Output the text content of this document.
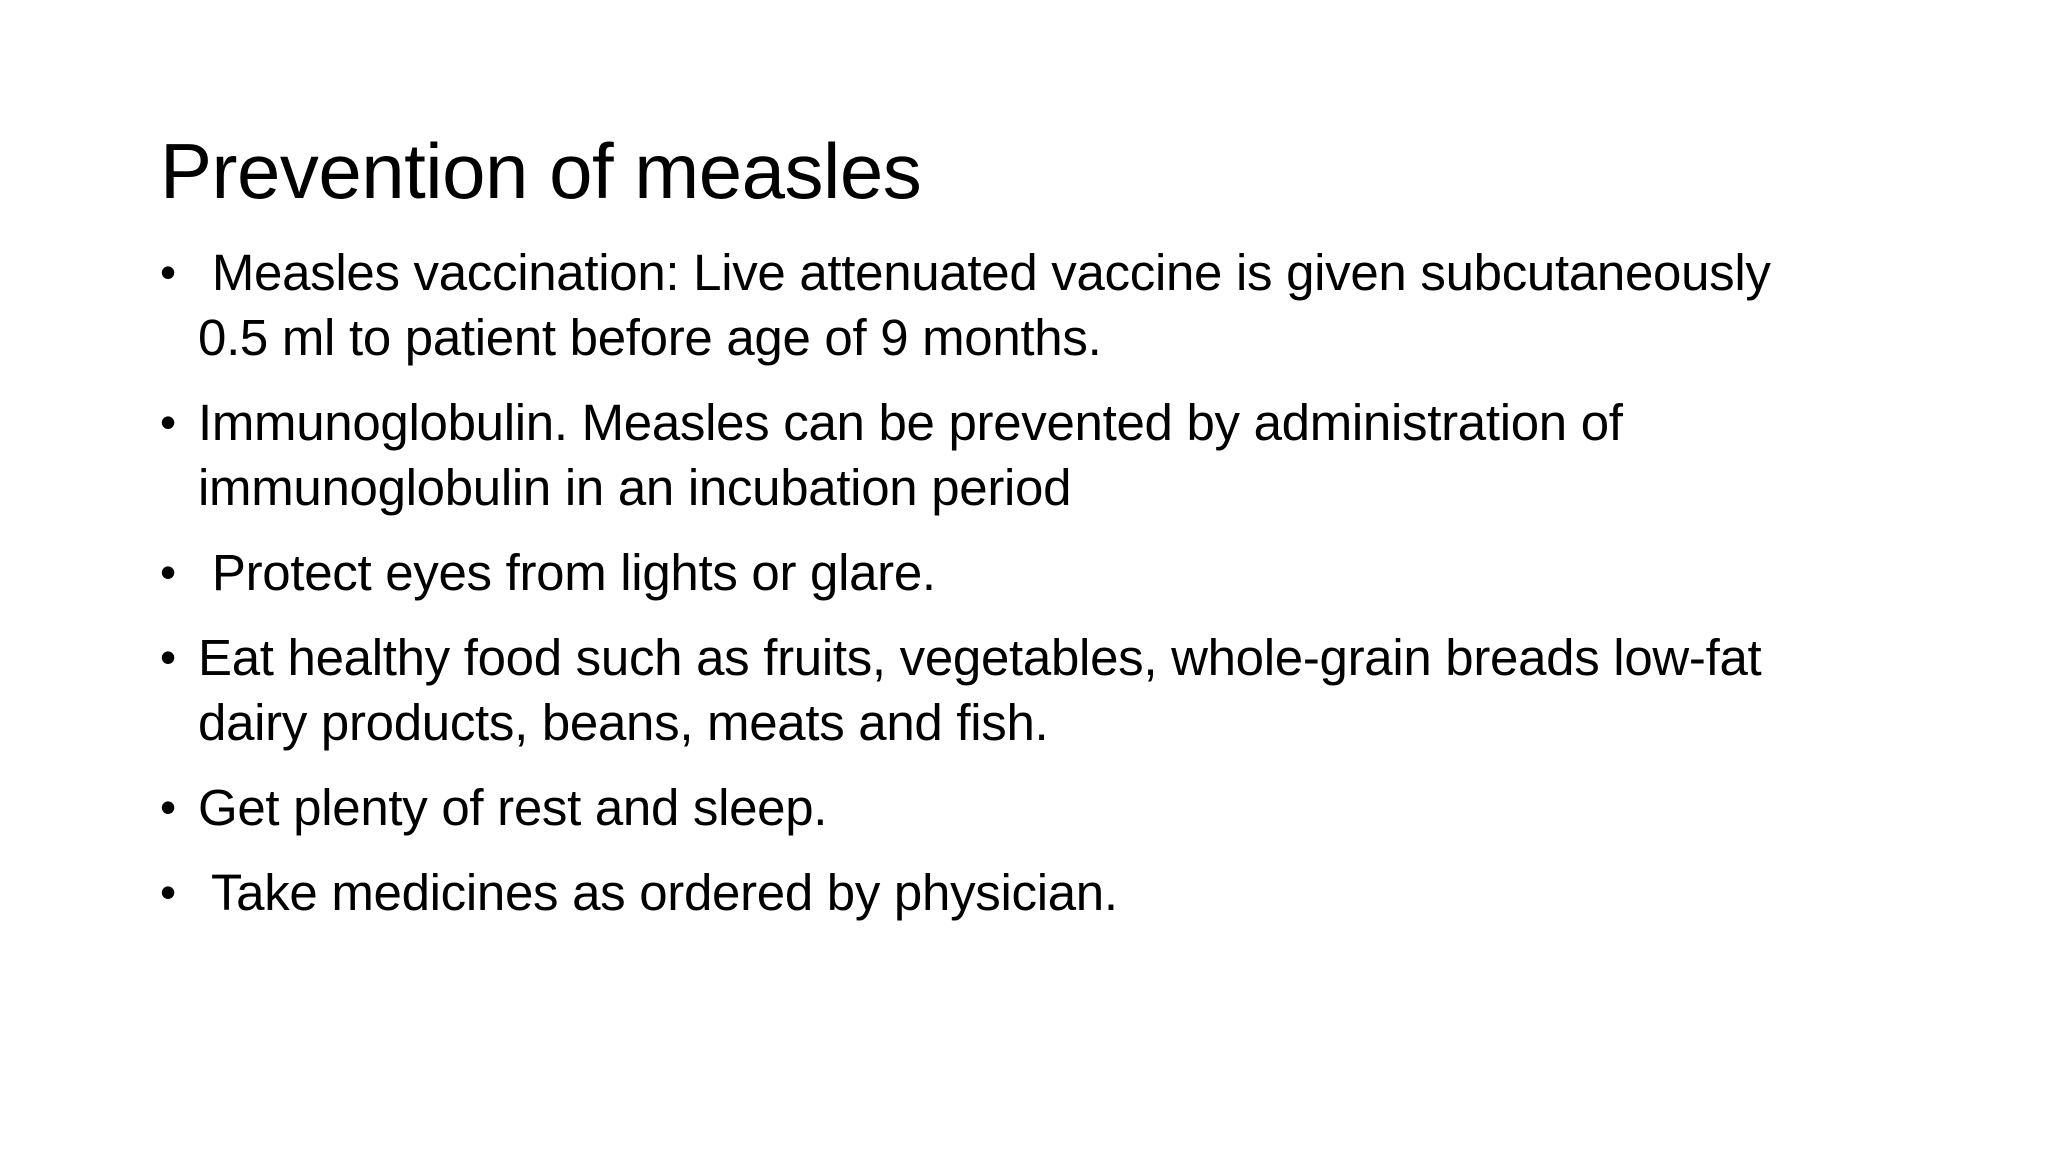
Prevention of measles
• Measles vaccination: Live attenuated vaccine is given subcutaneously
0.5 ml to patient before age of 9 months.
• Immunoglobulin. Measles can be prevented by administration of
immunoglobulin in an incubation period
• Protect eyes from lights or glare.
• Eat healthy food such as fruits, vegetables, whole-grain breads low-fat
dairy products, beans, meats and fish.
• Get plenty of rest and sleep.
• Take medicines as ordered by physician.
